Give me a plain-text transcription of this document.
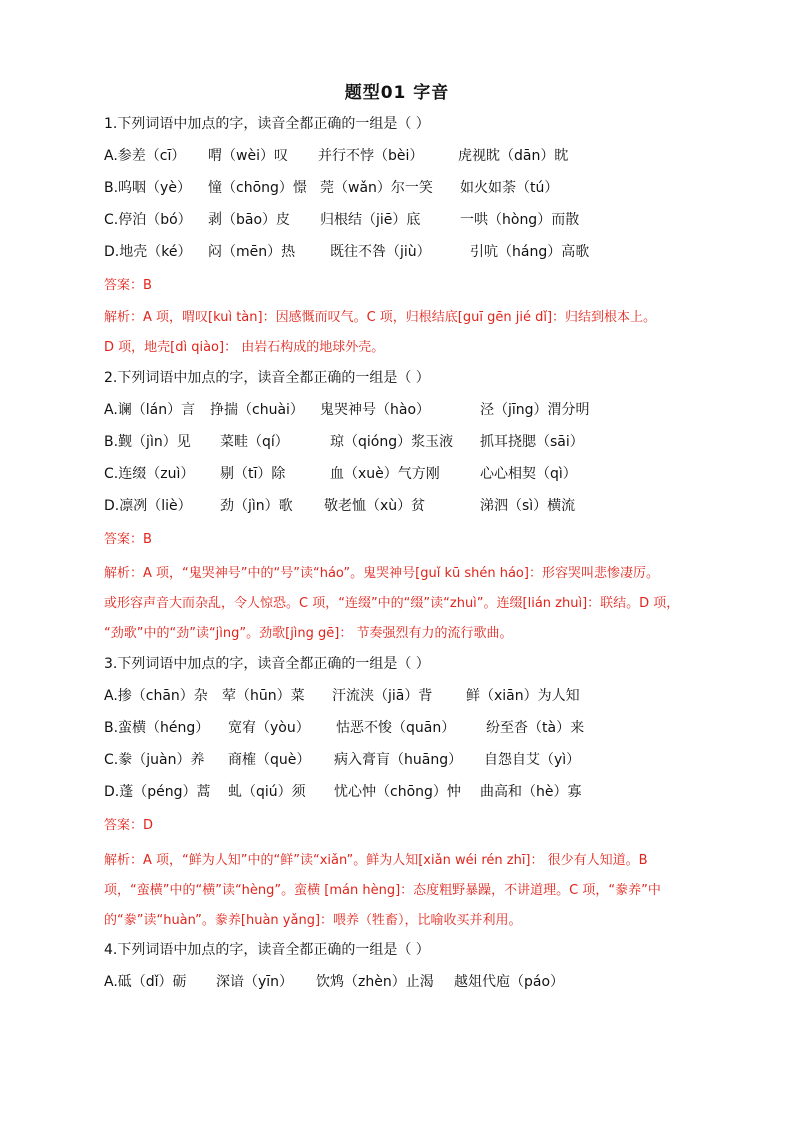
题型01 字音
1.下列词语中加点的字，读音全都正确的一组是（ ）
A.参差（cī） 喟（wèi）叹 并行不悖（bèi） 虎视眈（dān）眈
B.呜咽（yè） 憧（chōng）憬 莞（wǎn）尔一笑 如火如荼（tú）
C.停泊（bó） 剥（bāo）皮 归根结（jiē）底	一哄（hòng）而散
D.地壳（ké） 闷（mēn）热 既往不咎（jiù）	引吭（háng）高歌
答案：B
解析：A 项，喟叹[kuì tàn]：因感慨而叹气。C 项，归根结底[guī gēn jié dǐ]：归结到根本上。
D 项，地壳[dì qiào]： 由岩石构成的地球外壳。
2.下列词语中加点的字，读音全都正确的一组是（ ）
A.谰（lán）言 挣揣（chuài） 鬼哭神号（hào）	泾（jīng）渭分明
B.觐（jìn）见 菜畦（qí）	琼（qióng）浆玉液 抓耳挠腮（sāi）
C.连缀（zuì） 剔（tī）除	血（xuè）气方刚	心心相契（qì）
D.凛冽（liè） 劲（jìn）歌 敬老恤（xù）贫	涕泗（sì）横流
答案：B
解析：A 项，“鬼哭神号”中的“号”读“háo”。鬼哭神号[guǐ kū shén háo]：形容哭叫悲惨凄厉。
或形容声音大而杂乱，令人惊恐。C 项，“连缀”中的“缀”读“zhuì”。连缀[lián zhuì]：联结。D 项，
“劲歌”中的“劲”读“jìng”。劲歌[jìng gē]： 节奏强烈有力的流行歌曲。
3.下列词语中加点的字，读音全都正确的一组是（ ）
A.掺（chān）杂 荤（hūn）菜 汗流浃（jiā）背 鲜（xiān）为人知
B.蛮横（héng） 宽宥（yòu） 怙恶不悛（quān） 纷至沓（tà）来
C.豢（juàn）养 商榷（què） 病入膏肓（huāng） 自怨自艾（yì）
D.蓬（péng）蒿 虬（qiú）须 忧心忡（chōng）忡 曲高和（hè）寡
答案：D
解析：A 项，“鲜为人知”中的“鲜”读“xiǎn”。鲜为人知[xiǎn wéi rén zhī]： 很少有人知道。B
项，“蛮横”中的“横”读“hèng”。蛮横 [mán hèng]：态度粗野暴躁，不讲道理。C 项，“豢养”中
的“豢”读“huàn”。豢养[huàn yǎng]：喂养（牲畜），比喻收买并利用。
4.下列词语中加点的字，读音全都正确的一组是（ ）
A.砥（dǐ）砺 深谙（yīn） 饮鸩（zhèn）止渴 越俎代庖（páo）
